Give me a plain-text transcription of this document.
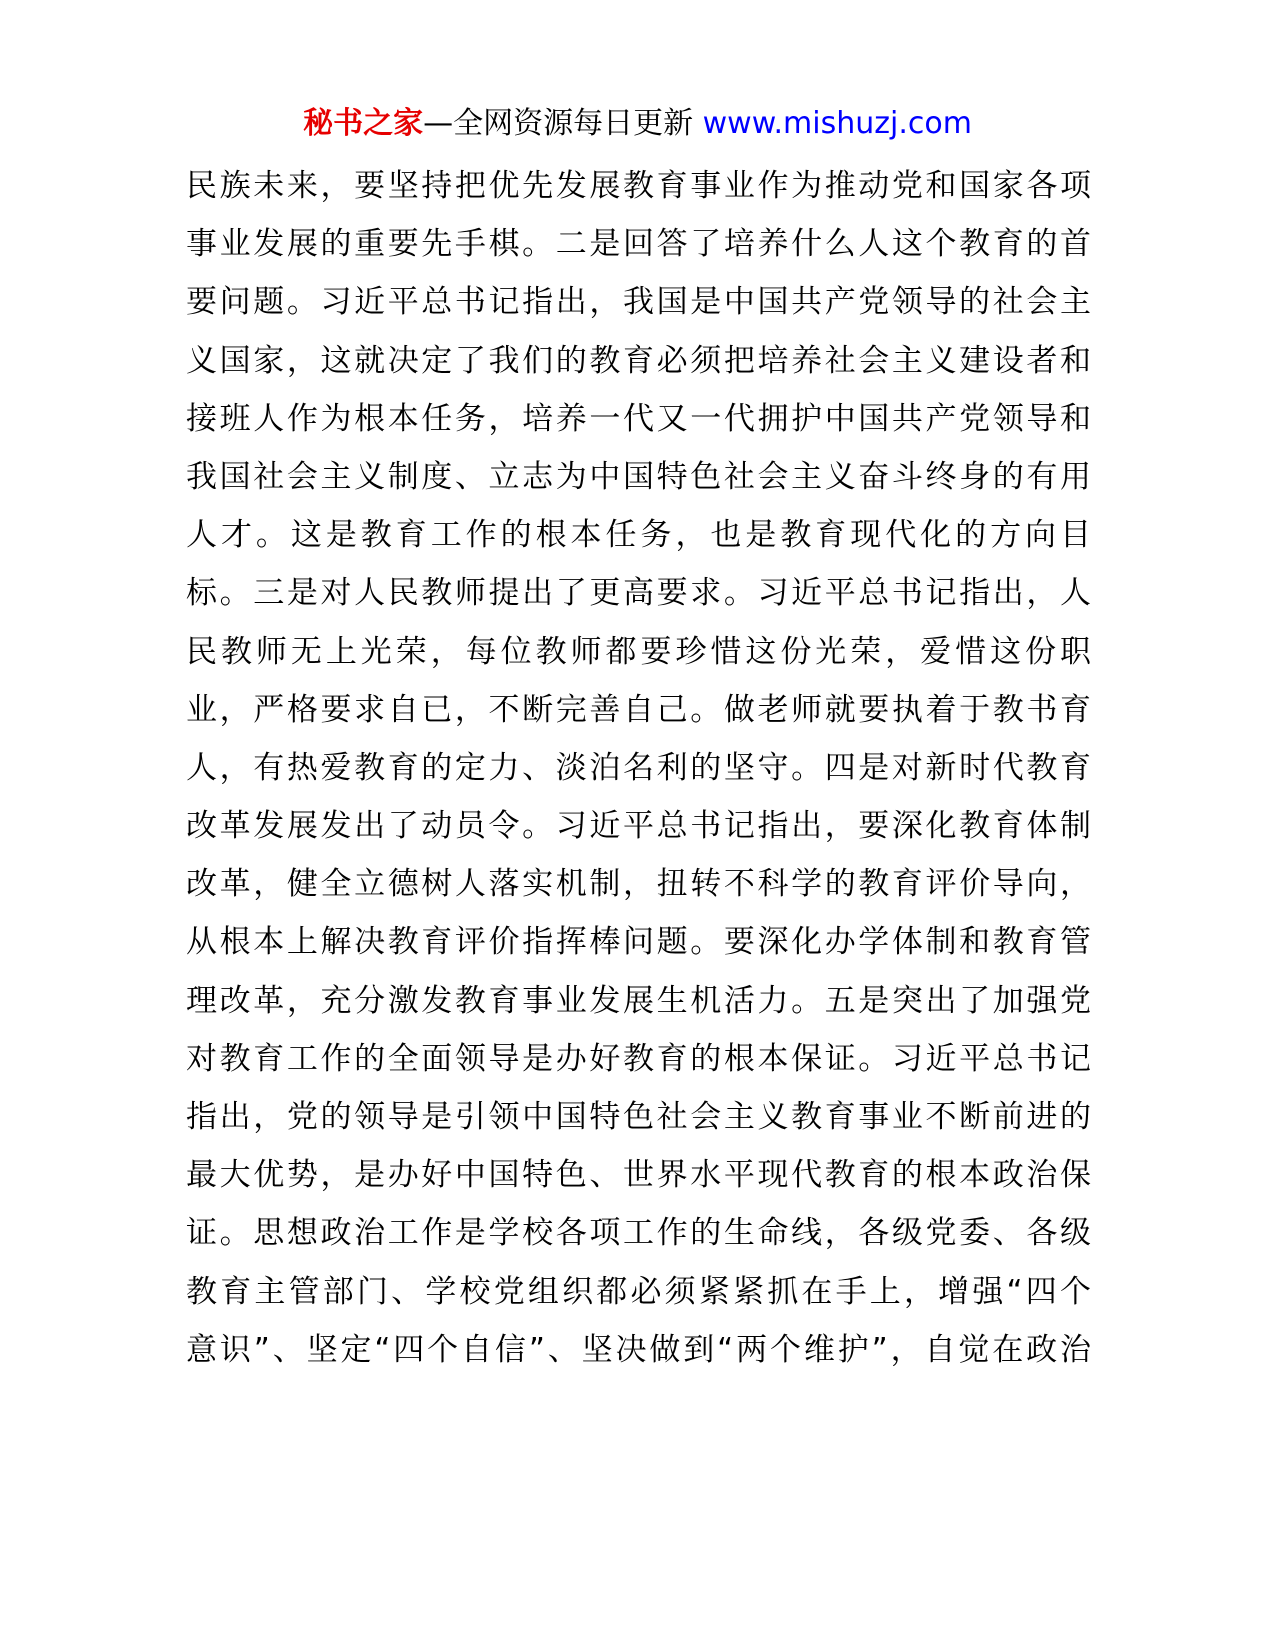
秘书之家—全网资源每日更新 www.mishuzj.com
民族未来，要坚持把优先发展教育事业作为推动党和国家各项
事业发展的重要先手棋。二是回答了培养什么人这个教育的首
要问题。习近平总书记指出，我国是中国共产党领导的社会主
义国家，这就决定了我们的教育必须把培养社会主义建设者和
接班人作为根本任务，培养一代又一代拥护中国共产党领导和
我国社会主义制度、立志为中国特色社会主义奋斗终身的有用
人才。这是教育工作的根本任务，也是教育现代化的方向目
标。三是对人民教师提出了更高要求。习近平总书记指出，人
民教师无上光荣，每位教师都要珍惜这份光荣，爱惜这份职
业，严格要求自已，不断完善自己。做老师就要执着于教书育
人，有热爱教育的定力、淡泊名利的坚守。四是对新时代教育
改革发展发出了动员令。习近平总书记指出，要深化教育体制
改革，健全立德树人落实机制，扭转不科学的教育评价导向，
从根本上解决教育评价指挥棒问题。要深化办学体制和教育管
理改革，充分激发教育事业发展生机活力。五是突出了加强党
对教育工作的全面领导是办好教育的根本保证。习近平总书记
指出，党的领导是引领中国特色社会主义教育事业不断前进的
最大优势，是办好中国特色、世界水平现代教育的根本政治保
证。思想政治工作是学校各项工作的生命线，各级党委、各级
教育主管部门、学校党组织都必须紧紧抓在手上，增强“四个
意识”、坚定“四个自信”、坚决做到“两个维护”，自觉在政治
